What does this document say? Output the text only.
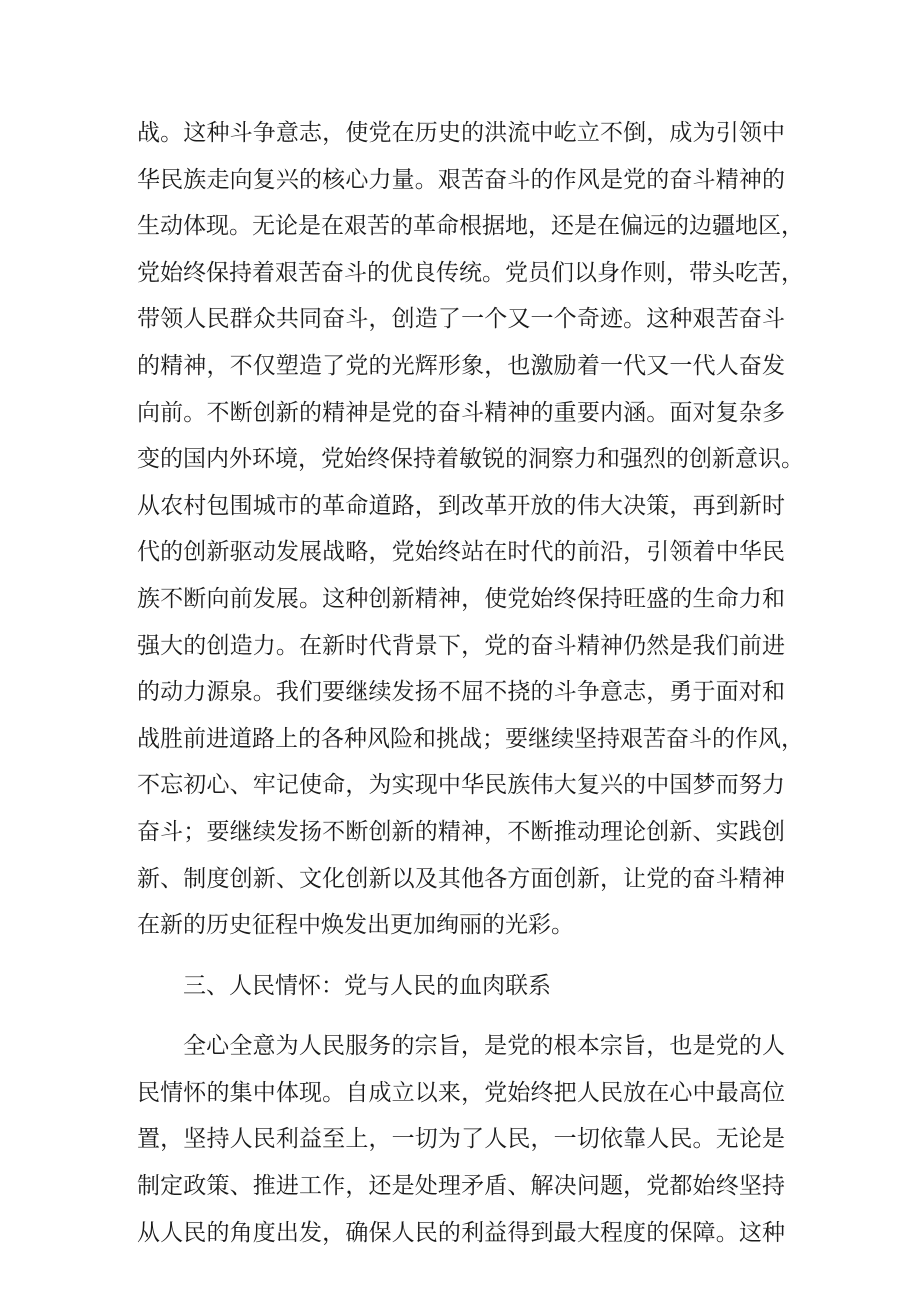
战。这种斗争意志，使党在历史的洪流中屹立不倒，成为引领中
华民族走向复兴的核心力量。艰苦奋斗的作风是党的奋斗精神的
生动体现。无论是在艰苦的革命根据地，还是在偏远的边疆地区，
党始终保持着艰苦奋斗的优良传统。党员们以身作则，带头吃苦，
带领人民群众共同奋斗，创造了一个又一个奇迹。这种艰苦奋斗
的精神，不仅塑造了党的光辉形象，也激励着一代又一代人奋发
向前。不断创新的精神是党的奋斗精神的重要内涵。面对复杂多
变的国内外环境，党始终保持着敏锐的洞察力和强烈的创新意识。
从农村包围城市的革命道路，到改革开放的伟大决策，再到新时
代的创新驱动发展战略，党始终站在时代的前沿，引领着中华民
族不断向前发展。这种创新精神，使党始终保持旺盛的生命力和
强大的创造力。在新时代背景下，党的奋斗精神仍然是我们前进
的动力源泉。我们要继续发扬不屈不挠的斗争意志，勇于面对和
战胜前进道路上的各种风险和挑战；要继续坚持艰苦奋斗的作风，
不忘初心、牢记使命，为实现中华民族伟大复兴的中国梦而努力
奋斗；要继续发扬不断创新的精神，不断推动理论创新、实践创
新、制度创新、文化创新以及其他各方面创新，让党的奋斗精神
在新的历史征程中焕发出更加绚丽的光彩。
三、人民情怀：党与人民的血肉联系
全心全意为人民服务的宗旨，是党的根本宗旨，也是党的人
民情怀的集中体现。自成立以来，党始终把人民放在心中最高位
置，坚持人民利益至上，一切为了人民，一切依靠人民。无论是
制定政策、推进工作，还是处理矛盾、解决问题，党都始终坚持
从人民的角度出发，确保人民的利益得到最大程度的保障。这种
